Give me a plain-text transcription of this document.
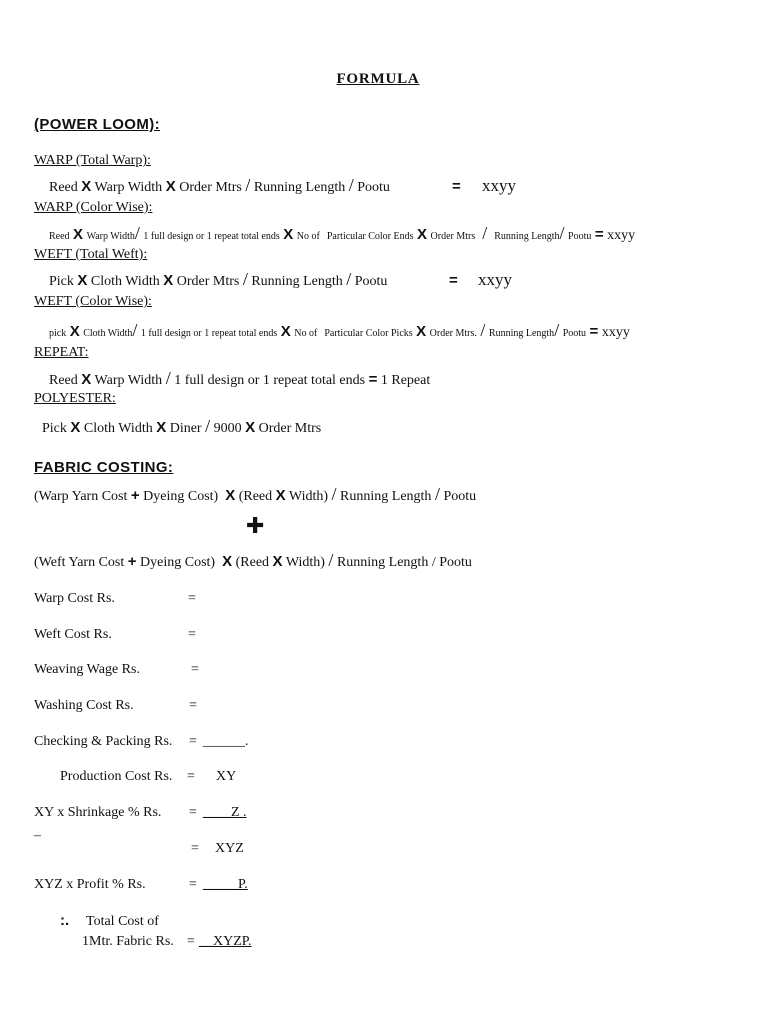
FORMULA
(POWER LOOM):
WARP (Total Warp):
Reed X Warp Width X Order Mtrs / Running Length / Pootu	= xxyy
WARP (Color Wise):
Reed X Warp Width/ 1 full design or 1 repeat total ends X No of Particular Color Ends X Order Mtrs / Running Length/ Pootu = xxyy
WEFT (Total Weft):
Pick X Cloth Width X Order Mtrs / Running Length / Pootu	= xxyy
WEFT (Color Wise):
pick X Cloth Width/ 1 full design or 1 repeat total ends X No of Particular Color Picks X Order Mtrs. / Running Length/ Pootu = xxyy
REPEAT:
Reed X Warp Width / 1 full design or 1 repeat total ends = 1 Repeat
POLYESTER:
Pick X Cloth Width X Diner / 9000 X Order Mtrs
FABRIC COSTING:
(Warp Yarn Cost + Dyeing Cost) X (Reed X Width) / Running Length / Pootu
✚
(Weft Yarn Cost + Dyeing Cost) X (Reed X Width) / Running Length / Pootu
Warp Cost Rs.	=
Weft Cost Rs.	=
Weaving Wage Rs.	=
Washing Cost Rs.	=
Checking & Packing Rs. = ______.
Production Cost Rs. = XY
XY x Shrinkage % Rs. = ____Z .
–
= XYZ
XYZ x Profit % Rs.	= _____P.
:. Total Cost of
1Mtr. Fabric Rs. = __XYZP.
